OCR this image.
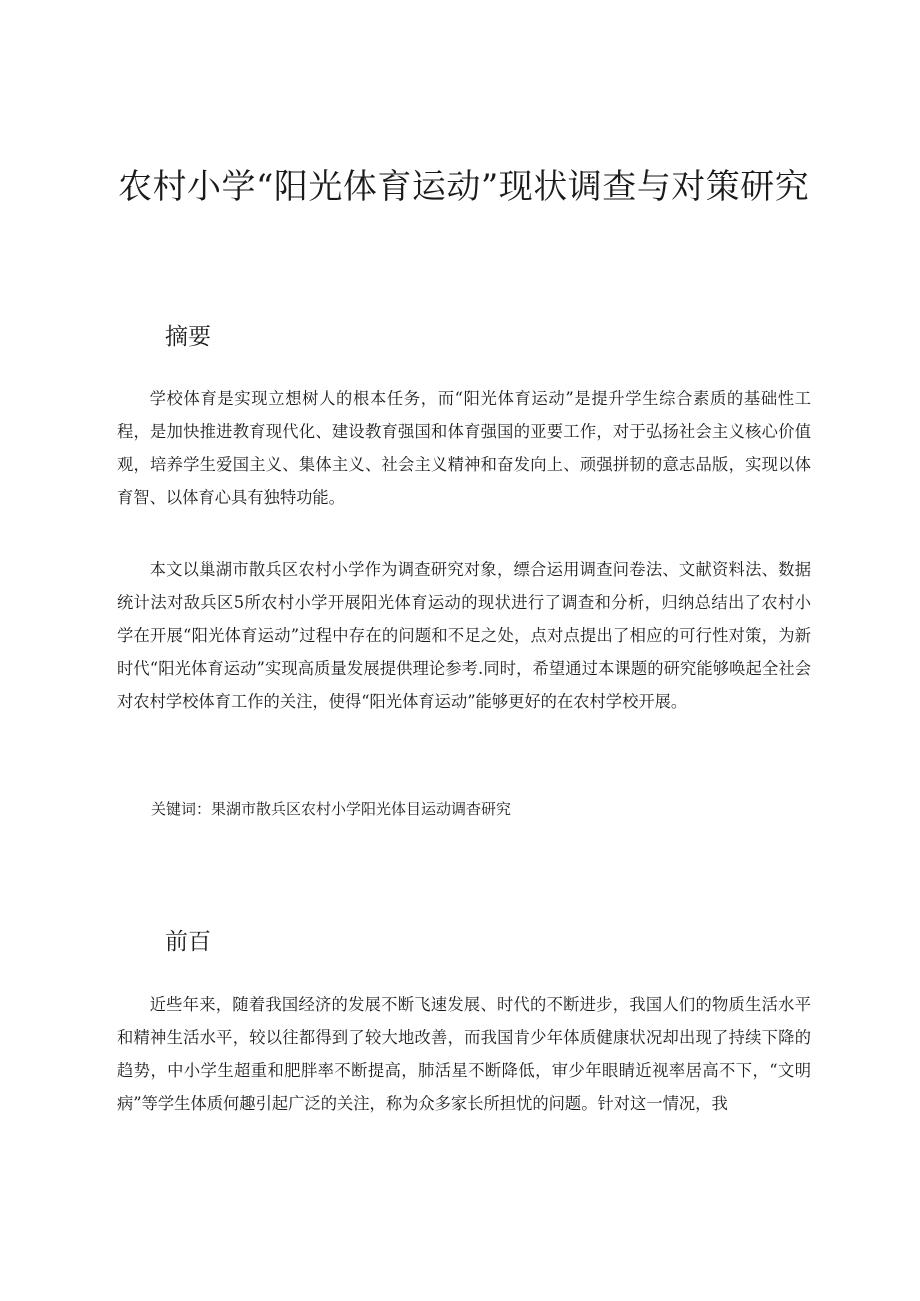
农村小学“阳光体育运动”现状调查与对策研究
摘要

学校体育是实现立想树人的根本任务，而“阳光体育运动”是提升学生综合素质的基础性工程，是加快推进教育现代化、建设教育强国和体育强国的亚要工作，对于弘扬社会主义核心价值观，培养学生爱国主义、集体主义、社会主义精神和奋发向上、顽强拼韧的意志品版，实现以体育智、以体育心具有独特功能。

本文以巢湖市散兵区农村小学作为调查研究对象，缥合运用调查问卷法、文献资料法、数据统计法对敌兵区5所农村小学开展阳光体育运动的现状进行了调查和分析，归纳总结出了农村小学在开展“阳光体育运动”过程中存在的问题和不足之处，点对点提出了相应的可行性对策，为新时代“阳光体育运动”实现高质量发展提供理论参考.同时，希望通过本课题的研究能够唤起全社会对农村学校体育工作的关注，使得“阳光体育运动”能够更好的在农村学校开展。

关键词：果湖市散兵区农村小学阳光体目运动调杳研究

前百

近些年来，随着我国经济的发展不断飞速发展、时代的不断进步，我国人们的物质生活水平和精神生活水平，较以往都得到了较大地改善，而我国肯少年体质健康状况却出现了持续下降的趋势，中小学生超重和肥胖率不断提高，肺活星不断降低，审少年眼睛近视率居高不下，“文明病”等学生体质何趣引起广泛的关注，称为众多家长所担忧的问题。针对这一情况，我
